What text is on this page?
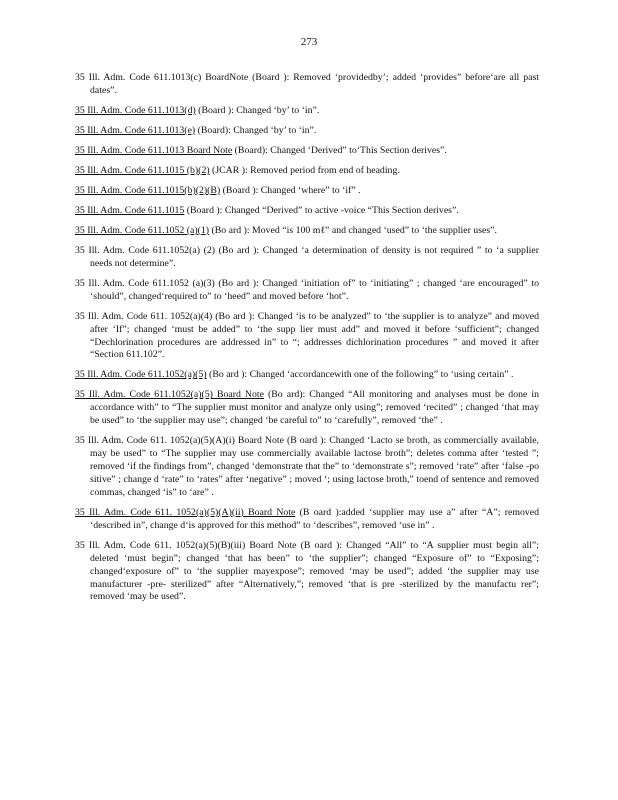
273

35 Ill. Adm. Code 611.1013(c) BoardNote (Board ): Removed ‘providedby’; added ‘provides” before‘are all past dates”.

35 Ill. Adm. Code 611.1013(d) (Board ): Changed ‘by’ to ‘in”.

35 Ill. Adm. Code 611.1013(e) (Board): Changed ‘by’ to ‘in”.

35 Ill. Adm. Code 611.1013 Board Note (Board): Changed ‘Derived” to‘This Section derives”.

35 Ill. Adm. Code 611.1015 (b)(2) (JCAR ): Removed period from end of heading.

35 Ill. Adm. Code 611.1015(b)(2)(B) (Board ): Changed ‘where” to ‘if” .

35 Ill. Adm. Code 611.1015 (Board ): Changed “Derived” to active -voice “This Section derives”.

35 Ill. Adm. Code 611.1052 (a)(1) (Bo ard ): Moved “is 100 mℓ” and changed ‘used” to ‘the supplier uses”.

35 Ill. Adm. Code 611.1052(a) (2) (Bo ard ): Changed ‘a determination of density is not required ” to ‘a supplier needs not determine”.

35 Ill. Adm. Code 611.1052 (a)(3) (Bo ard ): Changed ‘initiation of” to ‘initiating” ; changed ‘are encouraged” to ‘should”, changed‘required to” to ‘heed” and moved before ‘hot”.

35 Ill. Adm. Code 611. 1052(a)(4) (Bo ard ): Changed ‘is to be analyzed” to ‘the supplier is to analyze” and moved after ‘If”; changed ‘must be added” to ‘the supp lier must add” and moved it before ‘sufficient”; changed “Dechlorination procedures are addressed in” to “; addresses dichlorination procedures ” and moved it after “Section 611.102”.

35 Ill. Adm. Code 611.1052(a)(5) (Bo ard ): Changed ‘accordancewith one of the following” to ‘using certain” .

35 Ill. Adm. Code 611.1052(a)(5) Board Note (Bo ard): Changed “All monitoring and analyses must be done in accordance with” to “The supplier must monitor and analyze only using”; removed ‘recited” ; changed ‘that may be used” to ‘the supplier may use”; changed ‘be careful to” to ‘carefully”, removed ‘the” .

35 Ill. Adm. Code 611. 1052(a)(5)(A)(i) Board Note (B oard ): Changed ‘Lacto se broth, as commercially available, may be used” to “The supplier may use commercially available lactose broth”; deletes comma after ‘tested ”; removed ‘if the findings from”, changed ‘demonstrate that the” to ‘demonstrate s”; removed ‘rate” after ‘false -po sitive” ; change d ‘rate” to ‘rates” after ‘negative” ; moved ‘; using lactose broth,” toend of sentence and removed commas, changed ‘is” to ‘are” .

35 Ill. Adm. Code 611. 1052(a)(5)(A)(ii) Board Note (B oard ):added ‘supplier may use a” after “A”; removed ‘described in”, change d‘is approved for this method” to ‘describes”, removed ‘use in” .

35 Ill. Adm. Code 611. 1052(a)(5)(B)(iii) Board Note (B oard ): Changed “All” to “A supplier must begin all”; deleted ‘must begin”; changed ‘that has been” to ‘the supplier”; changed “Exposure of” to “Exposing”; changed‘exposure of” to ‘the supplier mayexpose”; removed ‘may be used”; added ‘the supplier may use manufacturer -pre- sterilized” after “Alternatively,”; removed ‘that is pre -sterilized by the manufactu rer”; removed ‘may be used”.
